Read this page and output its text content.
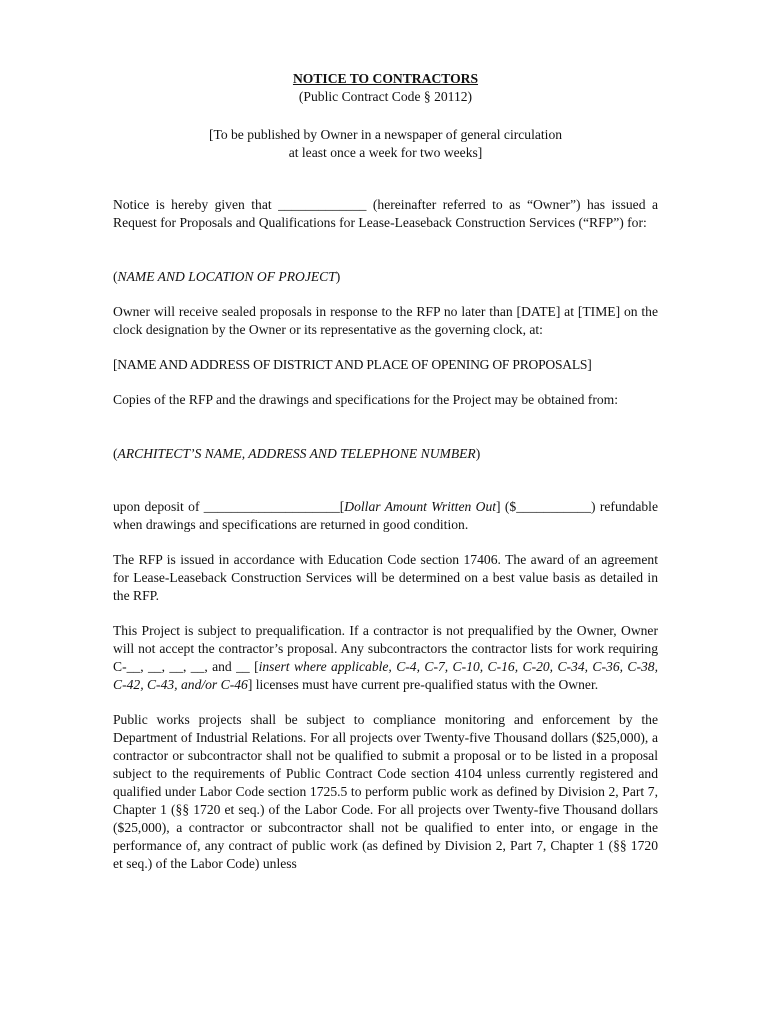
NOTICE TO CONTRACTORS
(Public Contract Code § 20112)
[To be published by Owner in a newspaper of general circulation
at least once a week for two weeks]

Notice is hereby given that _____________ (hereinafter referred to as “Owner”) has issued a Request for Proposals and Qualifications for Lease-Leaseback Construction Services (“RFP”) for:

(NAME AND LOCATION OF PROJECT)

Owner will receive sealed proposals in response to the RFP no later than [DATE] at [TIME] on the clock designation by the Owner or its representative as the governing clock, at:

[NAME AND ADDRESS OF DISTRICT AND PLACE OF OPENING OF PROPOSALS]

Copies of the RFP and the drawings and specifications for the Project may be obtained from:

(ARCHITECT’S NAME, ADDRESS AND TELEPHONE NUMBER)

upon deposit of ____________________[Dollar Amount Written Out] ($___________) refundable when drawings and specifications are returned in good condition.

The RFP is issued in accordance with Education Code section 17406. The award of an agreement for Lease-Leaseback Construction Services will be determined on a best value basis as detailed in the RFP.

This Project is subject to prequalification. If a contractor is not prequalified by the Owner, Owner will not accept the contractor’s proposal. Any subcontractors the contractor lists for work requiring C-__, __, __, __, and __ [insert where applicable, C-4, C-7, C-10, C-16, C-20, C-34, C-36, C-38, C-42, C-43, and/or C-46] licenses must have current pre-qualified status with the Owner.

Public works projects shall be subject to compliance monitoring and enforcement by the Department of Industrial Relations. For all projects over Twenty-five Thousand dollars ($25,000), a contractor or subcontractor shall not be qualified to submit a proposal or to be listed in a proposal subject to the requirements of Public Contract Code section 4104 unless currently registered and qualified under Labor Code section 1725.5 to perform public work as defined by Division 2, Part 7, Chapter 1 (§§ 1720 et seq.) of the Labor Code. For all projects over Twenty-five Thousand dollars ($25,000), a contractor or subcontractor shall not be qualified to enter into, or engage in the performance of, any contract of public work (as defined by Division 2, Part 7, Chapter 1 (§§ 1720 et seq.) of the Labor Code) unless
